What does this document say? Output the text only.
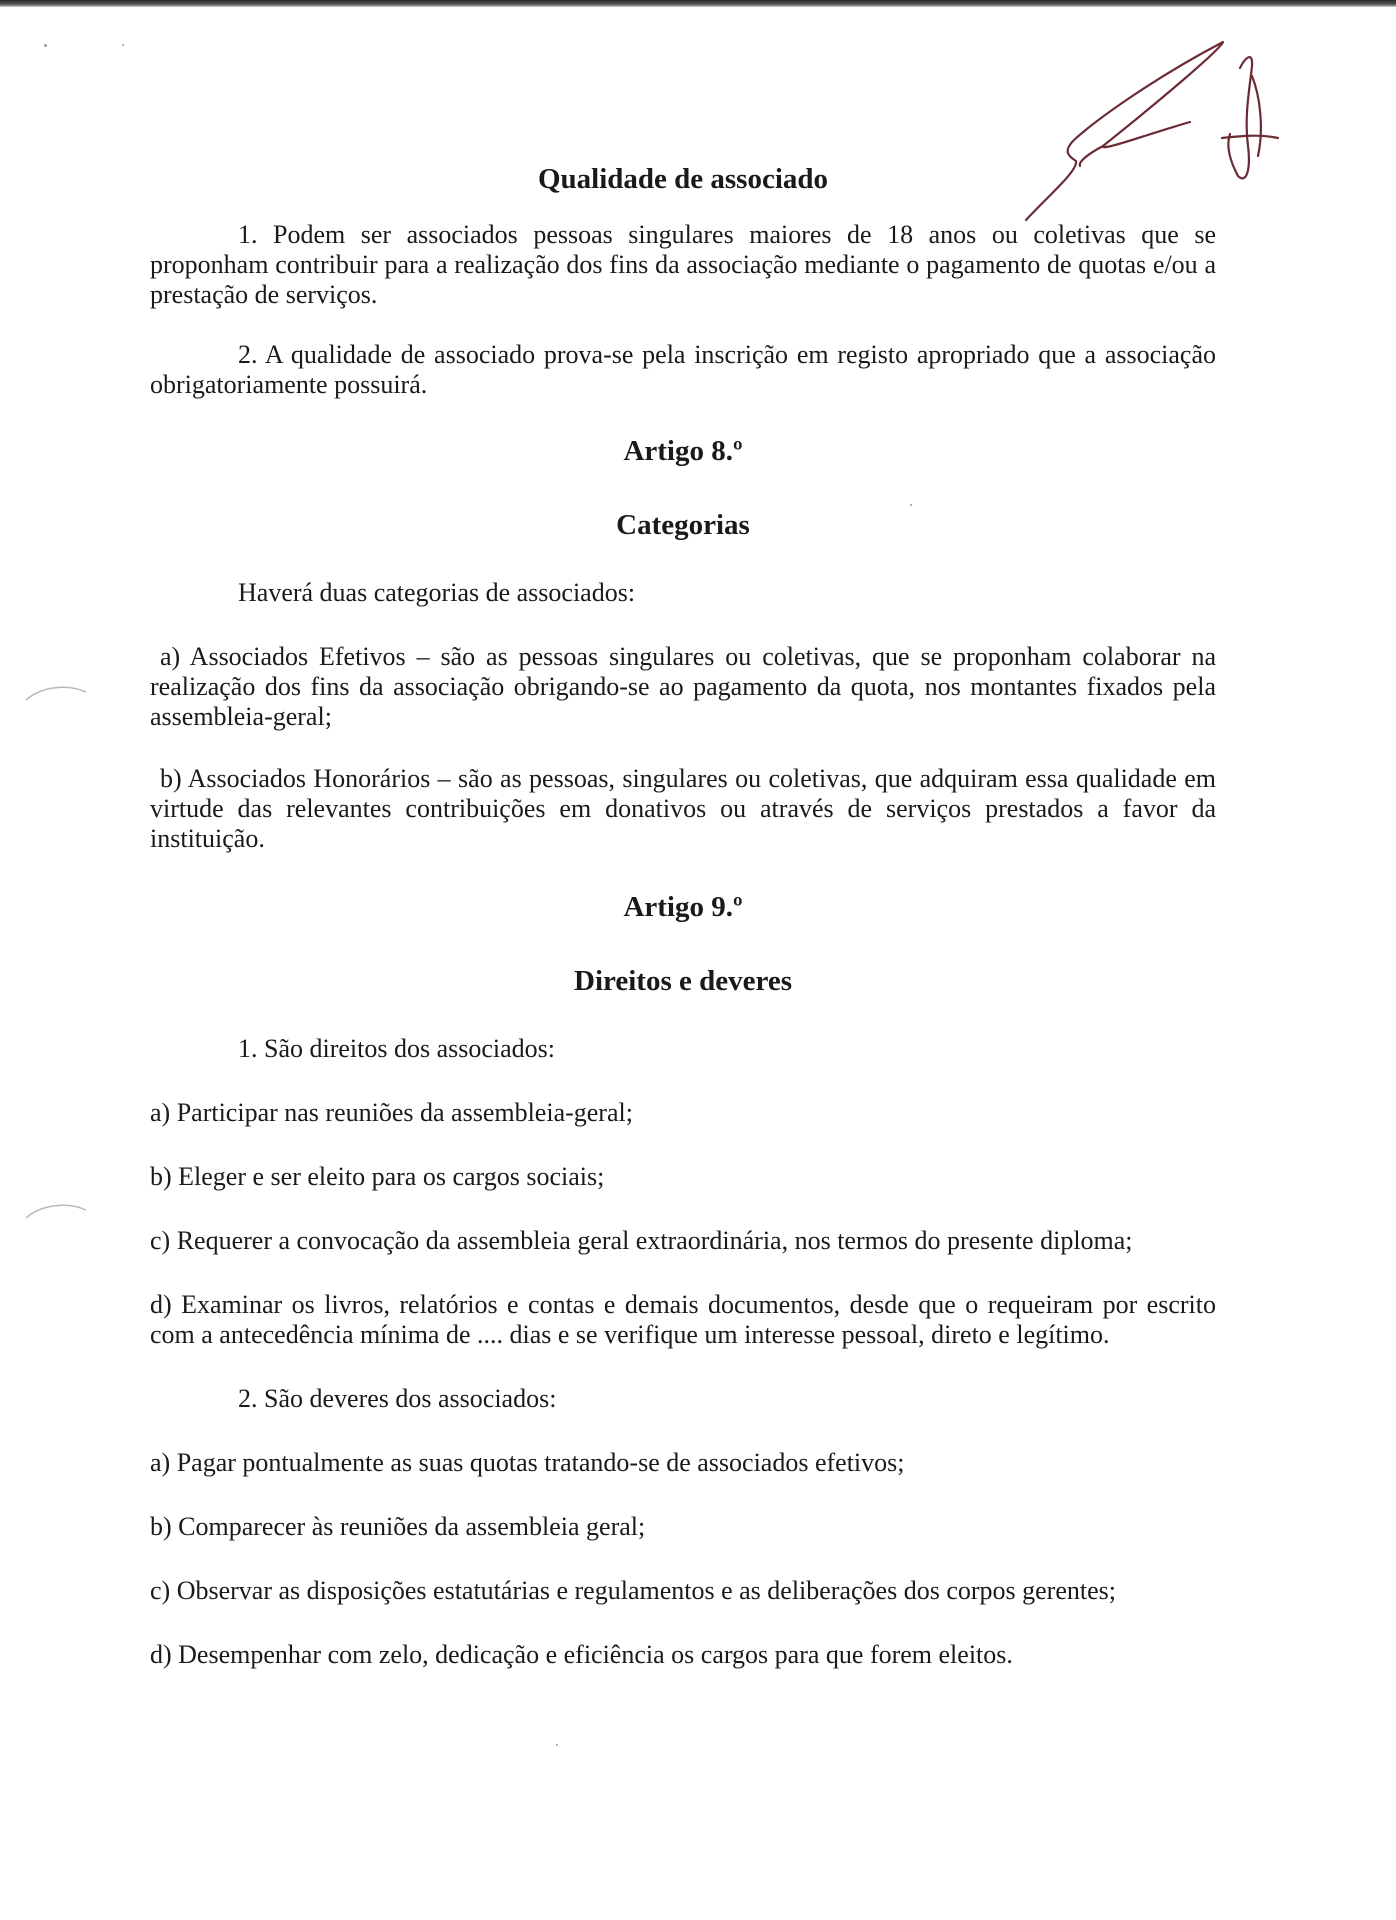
Qualidade de associado

1. Podem ser associados pessoas singulares maiores de 18 anos ou coletivas que se proponham contribuir para a realização dos fins da associação mediante o pagamento de quotas e/ou a prestação de serviços.

2. A qualidade de associado prova-se pela inscrição em registo apropriado que a associação obrigatoriamente possuirá.

Artigo 8.º
Categorias

Haverá duas categorias de associados:

a) Associados Efetivos – são as pessoas singulares ou coletivas, que se proponham colaborar na realização dos fins da associação obrigando-se ao pagamento da quota, nos montantes fixados pela assembleia-geral;

b) Associados Honorários – são as pessoas, singulares ou coletivas, que adquiram essa qualidade em virtude das relevantes contribuições em donativos ou através de serviços prestados a favor da instituição.

Artigo 9.º
Direitos e deveres

1. São direitos dos associados:

a) Participar nas reuniões da assembleia-geral;

b) Eleger e ser eleito para os cargos sociais;

c) Requerer a convocação da assembleia geral extraordinária, nos termos do presente diploma;

d) Examinar os livros, relatórios e contas e demais documentos, desde que o requeiram por escrito com a antecedência mínima de .... dias e se verifique um interesse pessoal, direto e legítimo.

2. São deveres dos associados:

a) Pagar pontualmente as suas quotas tratando-se de associados efetivos;

b) Comparecer às reuniões da assembleia geral;

c) Observar as disposições estatutárias e regulamentos e as deliberações dos corpos gerentes;

d) Desempenhar com zelo, dedicação e eficiência os cargos para que forem eleitos.
